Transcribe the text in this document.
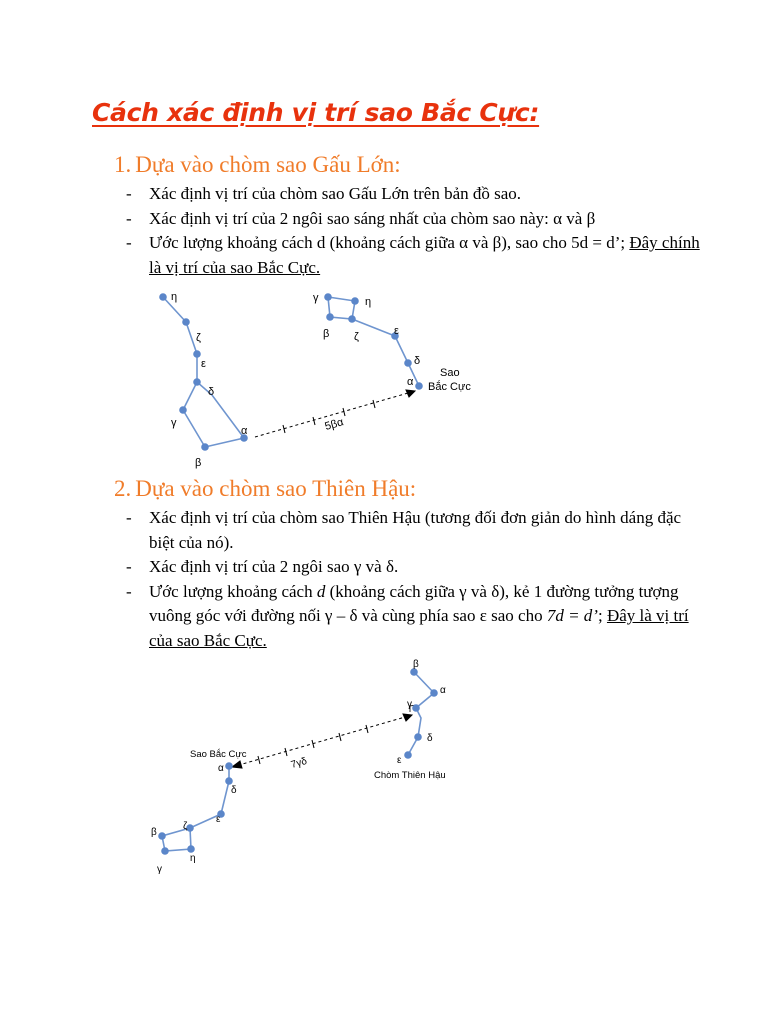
Cách xác định vị trí sao Bắc Cực:
1. Dựa vào chòm sao Gấu Lớn:
- Xác định vị trí của chòm sao Gấu Lớn trên bản đồ sao.
- Xác định vị trí của 2 ngôi sao sáng nhất của chòm sao này: α và β
- Ước lượng khoảng cách d (khoảng cách giữa α và β), sao cho 5d = d’; Đây chính là vị trí của sao Bắc Cực.
η
ζ
ε
δ
γ
β
α
γ	η
β ζ	ε
δ
α
Sao
Bắc Cực
5βα
2. Dựa vào chòm sao Thiên Hậu:
- Xác định vị trí của chòm sao Thiên Hậu (tương đối đơn giản do hình dáng đặc biệt của nó).
- Xác định vị trí của 2 ngôi sao γ và δ.
- Ước lượng khoảng cách d (khoảng cách giữa γ và δ), kẻ 1 đường tưởng tượng vuông góc với đường nối γ – δ và cùng phía sao ε sao cho 7d = d’; Đây là vị trí của sao Bắc Cực.
β
α
γ
δ
ε
Chòm Thiên Hậu
Sao Bắc Cực
α
δ
ε
ζ
β
η
γ
7γδ
